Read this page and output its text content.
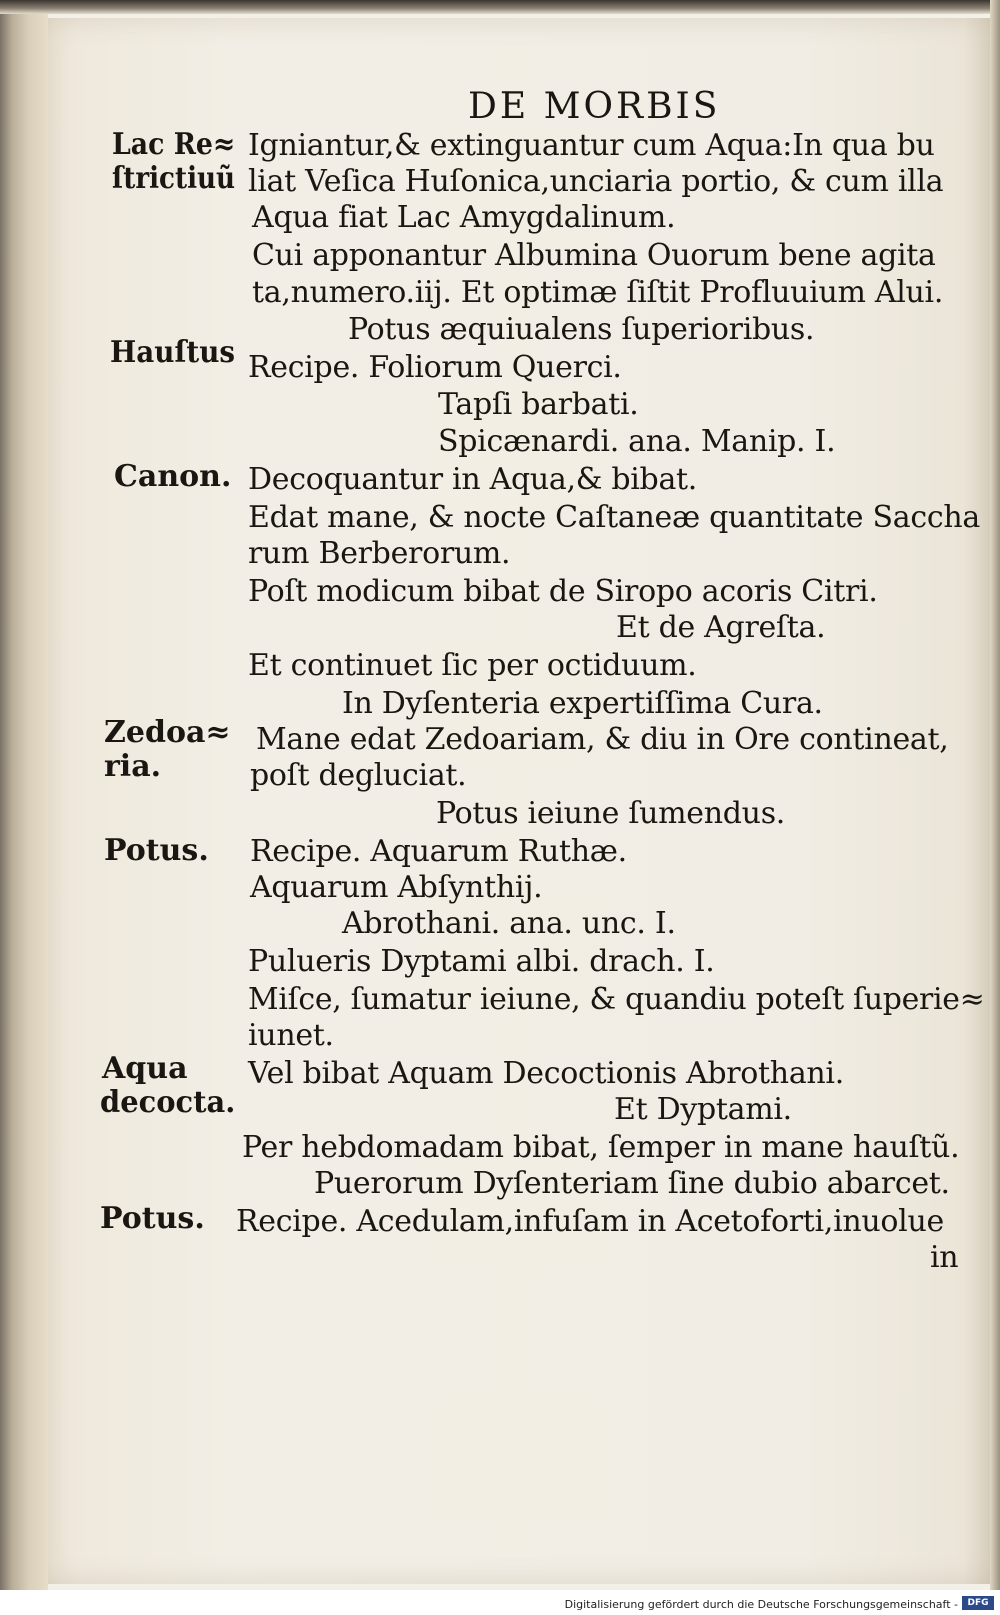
DE MORBIS
Lac Re≈
ſtrictiuũ
Hauſtus
Canon.
Zedoa≈
ria.
Potus.
Aqua
decocta.
Potus.
Igniantur,& extinguantur cum Aqua:In qua bu
liat Veſica Huſonica,unciaria portio, & cum illa
Aqua fiat Lac Amygdalinum.
Cui apponantur Albumina Ouorum bene agita
ta,numero.iij. Et optimæ ſiſtit Profluuium Alui.
Potus æquiualens ſuperioribus.
Recipe. Foliorum Querci.
Tapſi barbati.
Spicænardi. ana. Manip. I.
Decoquantur in Aqua,& bibat.
Edat mane, & nocte Caſtaneæ quantitate Saccha
rum Berberorum.
Poſt modicum bibat de Siropo acoris Citri.
Et de Agreſta.
Et continuet ſic per octiduum.
In Dyſenteria expertiſſima Cura.
Mane edat Zedoariam, & diu in Ore contineat,
poſt degluciat.
Potus ieiune ſumendus.
Recipe. Aquarum Ruthæ.
Aquarum Abſynthij.
Abrothani. ana. unc. I.
Pulueris Dyptami albi. drach. I.
Miſce, ſumatur ieiune, & quandiu poteſt ſuperie≈
iunet.
Vel bibat Aquam Decoctionis Abrothani.
Et Dyptami.
Per hebdomadam bibat, ſemper in mane hauſtũ.
Puerorum Dyſenteriam ſine dubio abarcet.
Recipe. Acedulam,infuſam in Acetoforti,inuolue
in
Digitalisierung gefördert durch die Deutsche Forschungsgemeinschaft -	DFG
